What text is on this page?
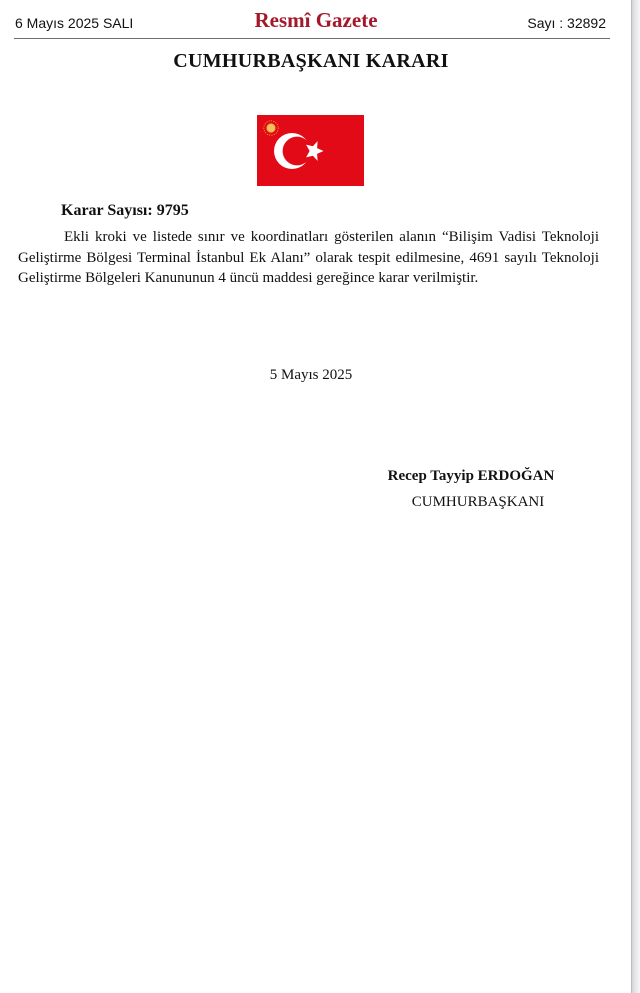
6 Mayıs 2025 SALI	Resmî Gazete	Sayı : 32892
CUMHURBAŞKANI KARARI
Karar Sayısı: 9795

Ekli kroki ve listede sınır ve koordinatları gösterilen alanın “Bilişim Vadisi Teknoloji Geliştirme Bölgesi Terminal İstanbul Ek Alanı” olarak tespit edilmesine, 4691 sayılı Teknoloji Geliştirme Bölgeleri Kanununun 4 üncü maddesi gereğince karar verilmiştir.

5 Mayıs 2025
Recep Tayyip ERDOĞAN
CUMHURBAŞKANI
